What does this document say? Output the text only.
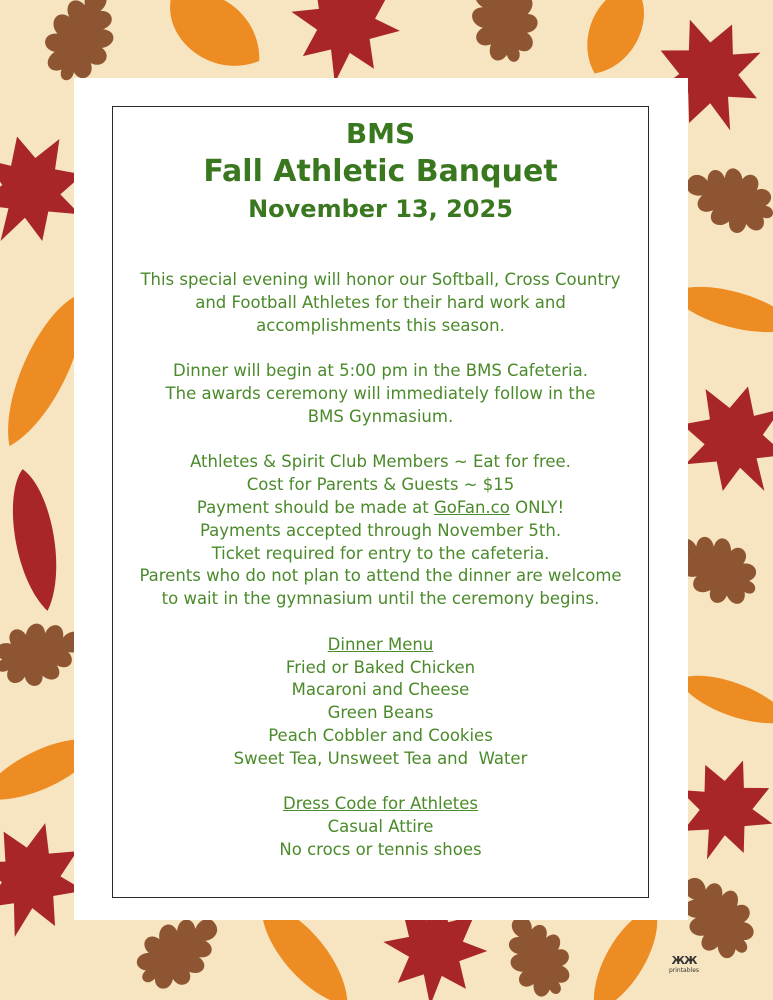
BMS
Fall Athletic Banquet
November 13, 2025
This special evening will honor our Softball, Cross Country
and Football Athletes for their hard work and
accomplishments this season.
Dinner will begin at 5:00 pm in the BMS Cafeteria.
The awards ceremony will immediately follow in the
BMS Gynmasium.
Athletes & Spirit Club Members ~ Eat for free.
Cost for Parents & Guests ~ $15
Payment should be made at GoFan.co ONLY!
Payments accepted through November 5th.
Ticket required for entry to the cafeteria.
Parents who do not plan to attend the dinner are welcome
to wait in the gymnasium until the ceremony begins.
Dinner Menu
Fried or Baked Chicken
Macaroni and Cheese
Green Beans
Peach Cobbler and Cookies
Sweet Tea, Unsweet Tea and  Water
Dress Code for Athletes
Casual Attire
No crocs or tennis shoes
ЖЖ
printables
